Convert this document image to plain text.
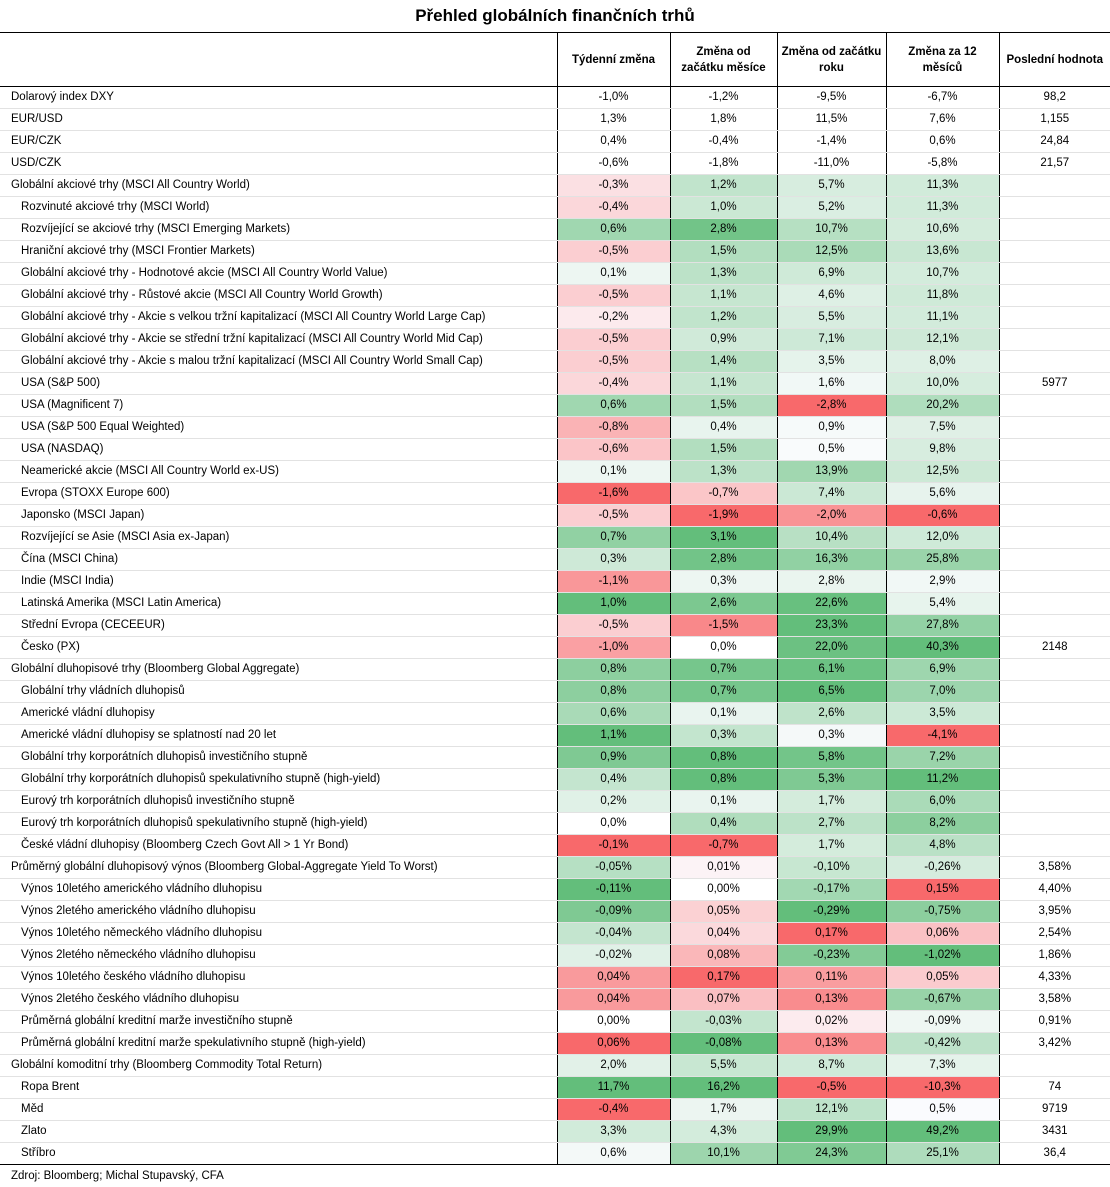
Přehled globálních finančních trhů
	Týdenní změna	Změna od začátku měsíce	Změna od začátku roku	Změna za 12 měsíců	Poslední hodnota
Dolarový index DXY	-1,0%	-1,2%	-9,5%	-6,7%	98,2
EUR/USD	1,3%	1,8%	11,5%	7,6%	1,155
EUR/CZK	0,4%	-0,4%	-1,4%	0,6%	24,84
USD/CZK	-0,6%	-1,8%	-11,0%	-5,8%	21,57
Globální akciové trhy (MSCI All Country World)	-0,3%	1,2%	5,7%	11,3%	
Rozvinuté akciové trhy (MSCI World)	-0,4%	1,0%	5,2%	11,3%	
Rozvíjející se akciové trhy (MSCI Emerging Markets)	0,6%	2,8%	10,7%	10,6%	
Hraniční akciové trhy (MSCI Frontier Markets)	-0,5%	1,5%	12,5%	13,6%	
Globální akciové trhy - Hodnotové akcie (MSCI All Country World Value)	0,1%	1,3%	6,9%	10,7%	
Globální akciové trhy - Růstové akcie (MSCI All Country World Growth)	-0,5%	1,1%	4,6%	11,8%	
Globální akciové trhy - Akcie s velkou tržní kapitalizací (MSCI All Country World Large Cap)	-0,2%	1,2%	5,5%	11,1%	
Globální akciové trhy - Akcie se střední tržní kapitalizací (MSCI All Country World Mid Cap)	-0,5%	0,9%	7,1%	12,1%	
Globální akciové trhy - Akcie s malou tržní kapitalizací (MSCI All Country World Small Cap)	-0,5%	1,4%	3,5%	8,0%	
USA (S&P 500)	-0,4%	1,1%	1,6%	10,0%	5977
USA (Magnificent 7)	0,6%	1,5%	-2,8%	20,2%	
USA (S&P 500 Equal Weighted)	-0,8%	0,4%	0,9%	7,5%	
USA (NASDAQ)	-0,6%	1,5%	0,5%	9,8%	
Neamerické akcie (MSCI All Country World ex-US)	0,1%	1,3%	13,9%	12,5%	
Evropa (STOXX Europe 600)	-1,6%	-0,7%	7,4%	5,6%	
Japonsko (MSCI Japan)	-0,5%	-1,9%	-2,0%	-0,6%	
Rozvíjející se Asie (MSCI Asia ex-Japan)	0,7%	3,1%	10,4%	12,0%	
Čína (MSCI China)	0,3%	2,8%	16,3%	25,8%	
Indie (MSCI India)	-1,1%	0,3%	2,8%	2,9%	
Latinská Amerika (MSCI Latin America)	1,0%	2,6%	22,6%	5,4%	
Střední Evropa (CECEEUR)	-0,5%	-1,5%	23,3%	27,8%	
Česko (PX)	-1,0%	0,0%	22,0%	40,3%	2148
Globální dluhopisové trhy (Bloomberg Global Aggregate)	0,8%	0,7%	6,1%	6,9%	
Globální trhy vládních dluhopisů	0,8%	0,7%	6,5%	7,0%	
Americké vládní dluhopisy	0,6%	0,1%	2,6%	3,5%	
Americké vládní dluhopisy se splatností nad 20 let	1,1%	0,3%	0,3%	-4,1%	
Globální trhy korporátních dluhopisů investičního stupně	0,9%	0,8%	5,8%	7,2%	
Globální trhy korporátních dluhopisů spekulativního stupně (high-yield)	0,4%	0,8%	5,3%	11,2%	
Eurový trh korporátních dluhopisů investičního stupně	0,2%	0,1%	1,7%	6,0%	
Eurový trh korporátních dluhopisů spekulativního stupně (high-yield)	0,0%	0,4%	2,7%	8,2%	
České vládní dluhopisy (Bloomberg Czech Govt All > 1 Yr Bond)	-0,1%	-0,7%	1,7%	4,8%	
Průměrný globální dluhopisový výnos (Bloomberg Global-Aggregate Yield To Worst)	-0,05%	0,01%	-0,10%	-0,26%	3,58%
Výnos 10letého amerického vládního dluhopisu	-0,11%	0,00%	-0,17%	0,15%	4,40%
Výnos 2letého amerického vládního dluhopisu	-0,09%	0,05%	-0,29%	-0,75%	3,95%
Výnos 10letého německého vládního dluhopisu	-0,04%	0,04%	0,17%	0,06%	2,54%
Výnos 2letého německého vládního dluhopisu	-0,02%	0,08%	-0,23%	-1,02%	1,86%
Výnos 10letého českého vládního dluhopisu	0,04%	0,17%	0,11%	0,05%	4,33%
Výnos 2letého českého vládního dluhopisu	0,04%	0,07%	0,13%	-0,67%	3,58%
Průměrná globální kreditní marže investičního stupně	0,00%	-0,03%	0,02%	-0,09%	0,91%
Průměrná globální kreditní marže spekulativního stupně (high-yield)	0,06%	-0,08%	0,13%	-0,42%	3,42%
Globální komoditní trhy (Bloomberg Commodity Total Return)	2,0%	5,5%	8,7%	7,3%	
Ropa Brent	11,7%	16,2%	-0,5%	-10,3%	74
Měd	-0,4%	1,7%	12,1%	0,5%	9719
Zlato	3,3%	4,3%	29,9%	49,2%	3431
Stříbro	0,6%	10,1%	24,3%	25,1%	36,4
Zdroj: Bloomberg; Michal Stupavský, CFA
